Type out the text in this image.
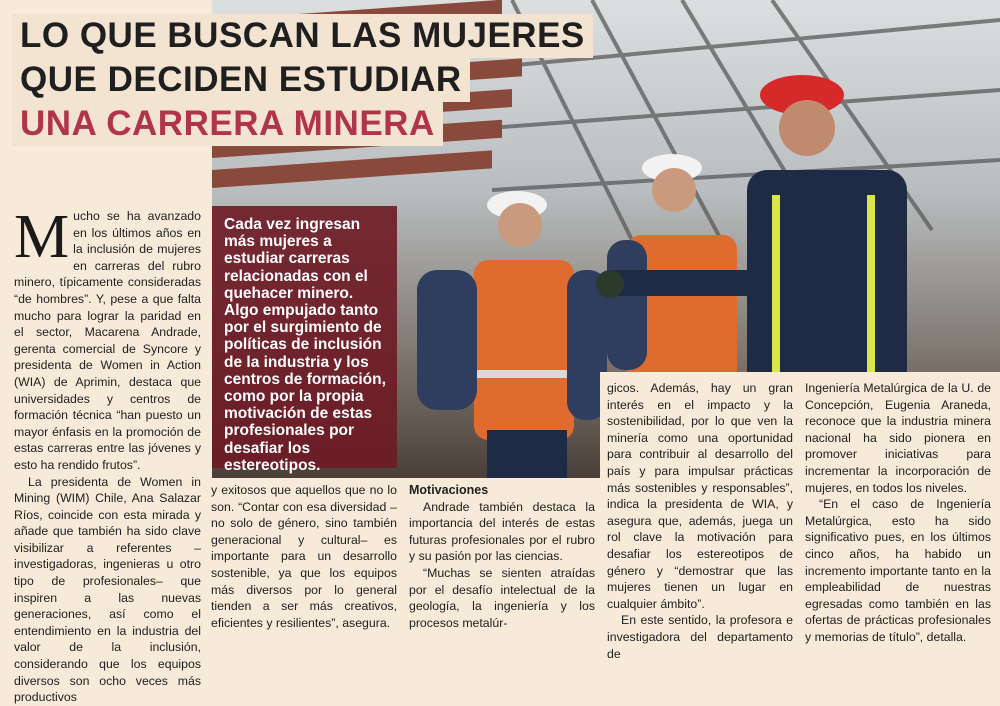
LO QUE BUSCAN LAS MUJERES
QUE DECIDEN ESTUDIAR
UNA CARRERA MINERA
Cada vez ingresan más mujeres a estudiar carreras relacionadas con el quehacer minero. Algo empujado tanto por el surgimiento de políticas de inclusión de la industria y los centros de formación, como por la propia motivación de estas profesionales por desafiar los estereotipos.
M ucho se ha avanzado en los últimos años en la inclusión de mujeres en carreras del rubro minero, típicamente consideradas “de hombres”. Y, pese a que falta mucho para lograr la paridad en el sector, Macarena Andrade, gerenta comercial de Syncore y presidenta de Women in Action (WIA) de Aprimin, destaca que universidades y centros de formación técnica “han puesto un mayor énfasis en la promoción de estas carreras entre las jóvenes y esto ha rendido frutos”.

La presidenta de Women in Mining (WIM) Chile, Ana Salazar Ríos, coincide con esta mirada y añade que también ha sido clave visibilizar a referentes –investigadoras, ingenieras u otro tipo de profesionales– que inspiren a las nuevas generaciones, así como el entendimiento en la industria del valor de la inclusión, considerando que los equipos diversos son ocho veces más productivos

y exitosos que aquellos que no lo son. “Contar con esa diversidad –no solo de género, sino también generacional y cultural– es importante para un desarrollo sostenible, ya que los equipos más diversos por lo general tienden a ser más creativos, eficientes y resilientes”, asegura.

Motivaciones

Andrade también destaca la importancia del interés de estas futuras profesionales por el rubro y su pasión por las ciencias.

“Muchas se sienten atraídas por el desafío intelectual de la geología, la ingeniería y los procesos metalúr-

gicos. Además, hay un gran interés en el impacto y la sostenibilidad, por lo que ven la minería como una oportunidad para contribuir al desarrollo del país y para impulsar prácticas más sostenibles y responsables”, indica la presidenta de WIA, y asegura que, además, juega un rol clave la motivación para desafiar los estereotipos de género y “demostrar que las mujeres tienen un lugar en cualquier ámbito”.

En este sentido, la profesora e investigadora del departamento de

Ingeniería Metalúrgica de la U. de Concepción, Eugenia Araneda, reconoce que la industria minera nacional ha sido pionera en promover iniciativas para incrementar la incorporación de mujeres, en todos los niveles.

“En el caso de Ingeniería Metalúrgica, esto ha sido significativo pues, en los últimos cinco años, ha habido un incremento importante tanto en la empleabilidad de nuestras egresadas como también en las ofertas de prácticas profesionales y memorias de título”, detalla.
